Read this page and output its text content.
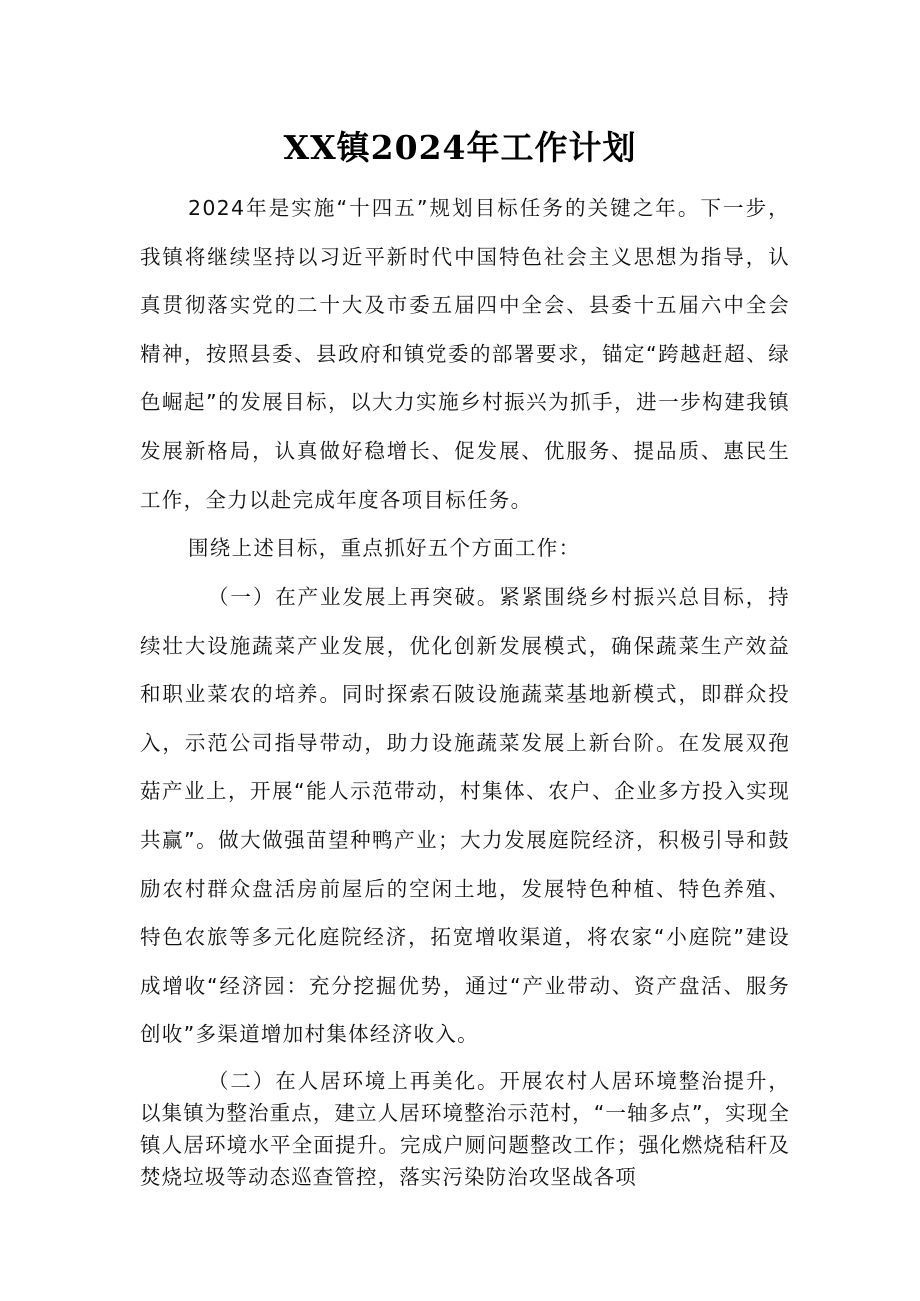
XX镇2024年工作计划

2024年是实施“十四五”规划目标任务的关键之年。下一步，我镇将继续坚持以习近平新时代中国特色社会主义思想为指导，认真贯彻落实党的二十大及市委五届四中全会、县委十五届六中全会精神，按照县委、县政府和镇党委的部署要求，锚定“跨越赶超、绿色崛起”的发展目标，以大力实施乡村振兴为抓手，进一步构建我镇发展新格局，认真做好稳增长、促发展、优服务、提品质、惠民生工作，全力以赴完成年度各项目标任务。

围绕上述目标，重点抓好五个方面工作：

（一）在产业发展上再突破。紧紧围绕乡村振兴总目标，持续壮大设施蔬菜产业发展，优化创新发展模式，确保蔬菜生产效益和职业菜农的培养。同时探索石陂设施蔬菜基地新模式，即群众投入，示范公司指导带动，助力设施蔬菜发展上新台阶。在发展双孢菇产业上，开展“能人示范带动，村集体、农户、企业多方投入实现共赢”。做大做强苗望种鸭产业；大力发展庭院经济，积极引导和鼓励农村群众盘活房前屋后的空闲土地，发展特色种植、特色养殖、特色农旅等多元化庭院经济，拓宽增收渠道，将农家“小庭院”建设成增收“经济园：充分挖掘优势，通过“产业带动、资产盘活、服务创收”多渠道增加村集体经济收入。

（二）在人居环境上再美化。开展农村人居环境整治提升，以集镇为整治重点，建立人居环境整治示范村，“一轴多点”，实现全镇人居环境水平全面提升。完成户厕问题整改工作；强化燃烧秸秆及焚烧垃圾等动态巡查管控，落实污染防治攻坚战各项
